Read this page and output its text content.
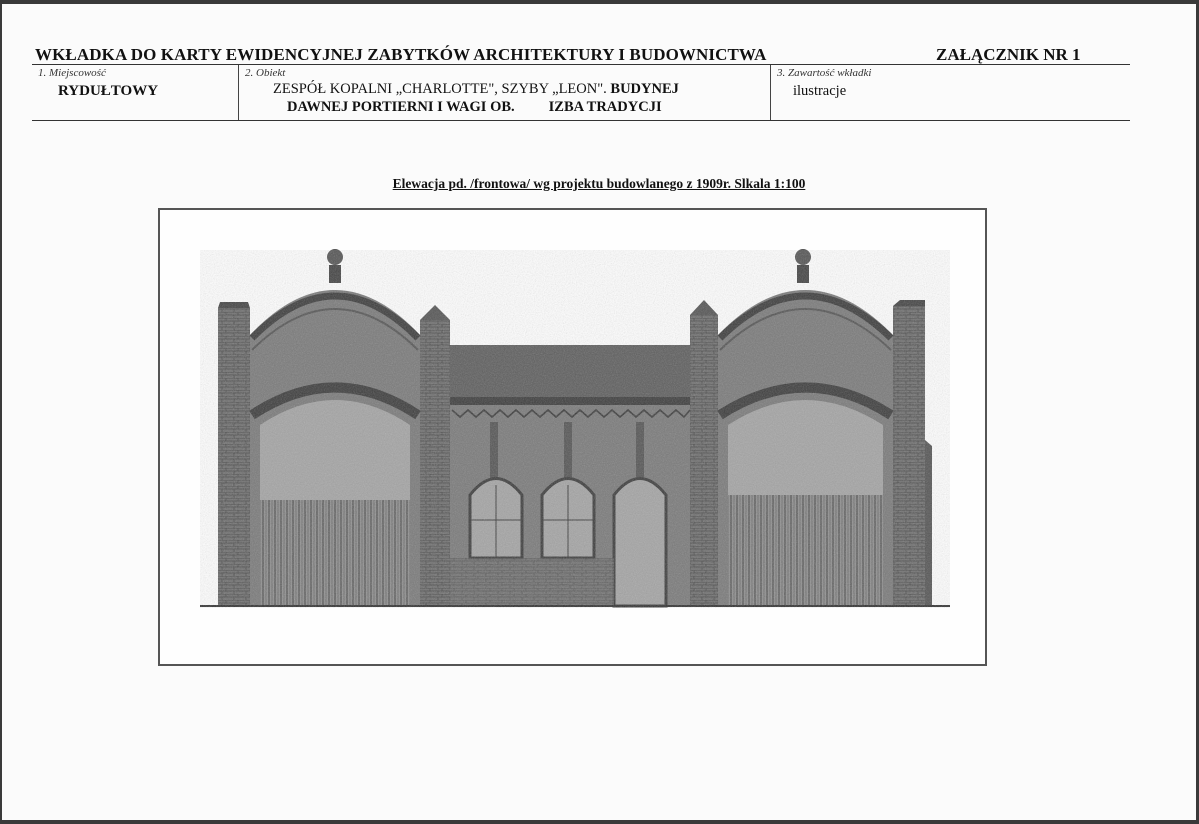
WKŁADKA DO KARTY EWIDENCYJNEJ ZABYTKÓW ARCHITEKTURY I BUDOWNICTWA	ZAŁĄCZNIK NR 1
1. Miejscowość
RYDUŁTOWY
2. Obiekt
ZESPÓŁ KOPALNI „CHARLOTTE", SZYBY „LEON". BUDYNEJ
DAWNEJ PORTIERNI I WAGI OB. IZBA TRADYCJI
3. Zawartość wkładki
ilustracje
Elewacja pd. /frontowa/ wg projektu budowlanego z 1909r. Slkala 1:100
